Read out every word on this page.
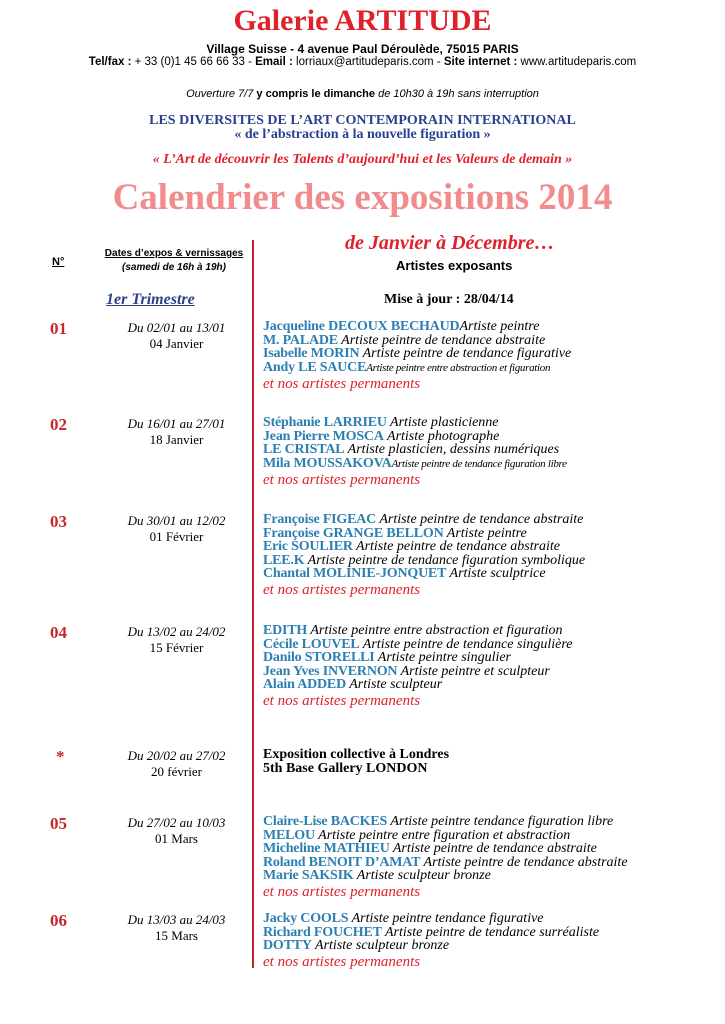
Galerie ARTITUDE
Village Suisse - 4 avenue Paul Déroulède, 75015 PARIS
Tel/fax : + 33 (0)1 45 66 66 33 - Email : lorriaux@artitudeparis.com - Site internet : www.artitudeparis.com
Ouverture 7/7 y compris le dimanche de 10h30 à 19h sans interruption
LES DIVERSITES DE L’ART CONTEMPORAIN INTERNATIONAL
« de l’abstraction à la nouvelle figuration »
« L’Art de découvrir les Talents d’aujourd’hui et les Valeurs de demain »
Calendrier des expositions 2014
N°
Dates d’expos & vernissages
(samedi de 16h à 19h)
de Janvier à Décembre…
Artistes exposants
1er Trimestre	Mise à jour : 28/04/14
01	Du 02/01 au 13/01
04 Janvier
Jacqueline DECOUX BECHAUDArtiste peintre
M. PALADE Artiste peintre de tendance abstraite
Isabelle MORIN Artiste peintre de tendance figurative
Andy LE SAUCEArtiste peintre entre abstraction et figuration
et nos artistes permanents
02	Du 16/01 au 27/01
18 Janvier
Stéphanie LARRIEU Artiste plasticienne
Jean Pierre MOSCA Artiste photographe
LE CRISTAL Artiste plasticien, dessins numériques
Mila MOUSSAKOVAArtiste peintre de tendance figuration libre
et nos artistes permanents
03	Du 30/01 au 12/02
01 Février
Françoise FIGEAC Artiste peintre de tendance abstraite
Françoise GRANGE BELLON Artiste peintre
Eric SOULIER Artiste peintre de tendance abstraite
LEE.K Artiste peintre de tendance figuration symbolique
Chantal MOLINIE-JONQUET Artiste sculptrice
et nos artistes permanents
04	Du 13/02 au 24/02
15 Février
EDITH Artiste peintre entre abstraction et figuration
Cécile LOUVEL Artiste peintre de tendance singulière
Danilo STORELLI Artiste peintre singulier
Jean Yves INVERNON Artiste peintre et sculpteur
Alain ADDED Artiste sculpteur
et nos artistes permanents
*	Du 20/02 au 27/02
20 février
Exposition collective à Londres
5th Base Gallery LONDON
05	Du 27/02 au 10/03
01 Mars
Claire-Lise BACKES Artiste peintre tendance figuration libre
MELOU Artiste peintre entre figuration et abstraction
Micheline MATHIEU Artiste peintre de tendance abstraite
Roland BENOIT D’AMAT Artiste peintre de tendance abstraite
Marie SAKSIK Artiste sculpteur bronze
et nos artistes permanents
06	Du 13/03 au 24/03
15 Mars
Jacky COOLS Artiste peintre tendance figurative
Richard FOUCHET Artiste peintre de tendance surréaliste
DOTTY Artiste sculpteur bronze
et nos artistes permanents
